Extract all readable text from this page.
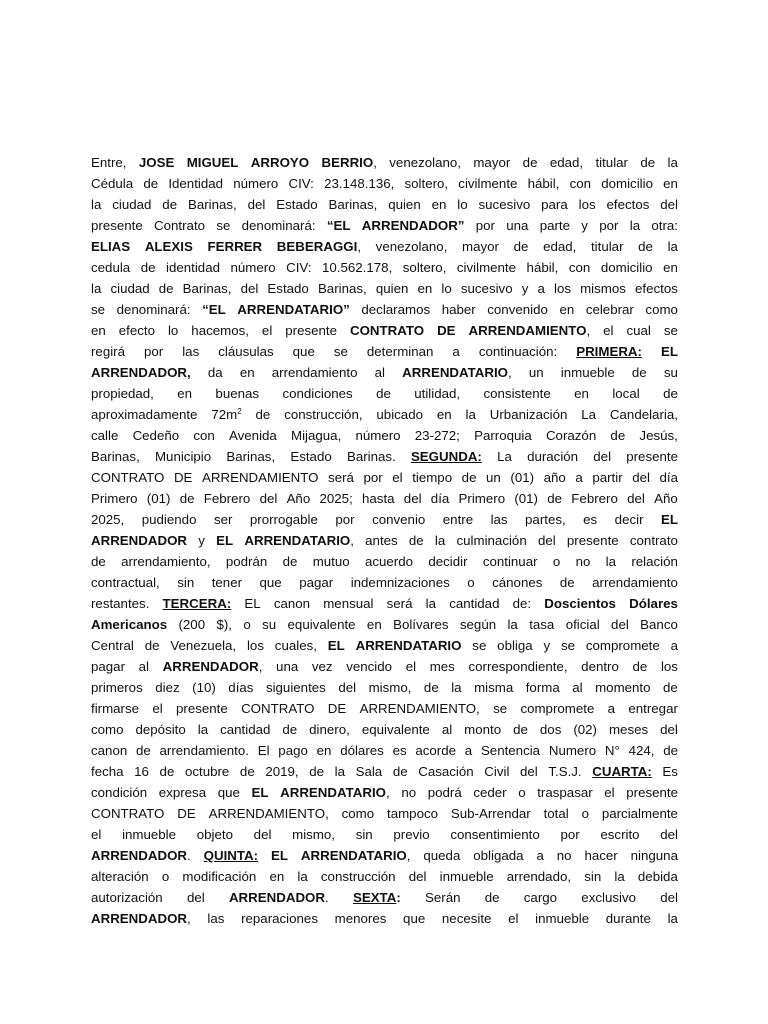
Entre, JOSE MIGUEL ARROYO BERRIO, venezolano, mayor de edad, titular de la
Cédula de Identidad número CIV: 23.148.136, soltero, civilmente hábil, con domicilio en
la ciudad de Barinas, del Estado Barinas, quien en lo sucesivo para los efectos del
presente Contrato se denominará: “EL ARRENDADOR” por una parte y por la otra:
ELIAS ALEXIS FERRER BEBERAGGI, venezolano, mayor de edad, titular de la
cedula de identidad número CIV: 10.562.178, soltero, civilmente hábil, con domicilio en
la ciudad de Barinas, del Estado Barinas, quien en lo sucesivo y a los mismos efectos
se denominará: “EL ARRENDATARIO” declaramos haber convenido en celebrar como
en efecto lo hacemos, el presente CONTRATO DE ARRENDAMIENTO, el cual se
regirá por las cláusulas que se determinan a continuación: PRIMERA: EL
ARRENDADOR, da en arrendamiento al ARRENDATARIO, un inmueble de su
propiedad, en buenas condiciones de utilidad, consistente en local de
aproximadamente $72m^2$ de construcción, ubicado en la Urbanización La Candelaria,
calle Cedeño con Avenida Mijagua, número 23-272; Parroquia Corazón de Jesús,
Barinas, Municipio Barinas, Estado Barinas. SEGUNDA: La duración del presente
CONTRATO DE ARRENDAMIENTO será por el tiempo de un (01) año a partir del día
Primero (01) de Febrero del Año 2025; hasta del día Primero (01) de Febrero del Año
2025, pudiendo ser prorrogable por convenio entre las partes, es decir EL
ARRENDADOR y EL ARRENDATARIO, antes de la culminación del presente contrato
de arrendamiento, podrán de mutuo acuerdo decidir continuar o no la relación
contractual, sin tener que pagar indemnizaciones o cánones de arrendamiento
restantes. TERCERA: EL canon mensual será la cantidad de: Doscientos Dólares
Americanos (200 $), o su equivalente en Bolívares según la tasa oficial del Banco
Central de Venezuela, los cuales, EL ARRENDATARIO se obliga y se compromete a
pagar al ARRENDADOR, una vez vencido el mes correspondiente, dentro de los
primeros diez (10) días siguientes del mismo, de la misma forma al momento de
firmarse el presente CONTRATO DE ARRENDAMIENTO, se compromete a entregar
como depósito la cantidad de dinero, equivalente al monto de dos (02) meses del
canon de arrendamiento. El pago en dólares es acorde a Sentencia Numero N° 424, de
fecha 16 de octubre de 2019, de la Sala de Casación Civil del T.S.J. CUARTA: Es
condición expresa que EL ARRENDATARIO, no podrá ceder o traspasar el presente
CONTRATO DE ARRENDAMIENTO, como tampoco Sub-Arrendar total o parcialmente
el inmueble objeto del mismo, sin previo consentimiento por escrito del
ARRENDADOR. QUINTA: EL ARRENDATARIO, queda obligada a no hacer ninguna
alteración o modificación en la construcción del inmueble arrendado, sin la debida
autorización del ARRENDADOR. SEXTA: Serán de cargo exclusivo del
ARRENDADOR, las reparaciones menores que necesite el inmueble durante la
